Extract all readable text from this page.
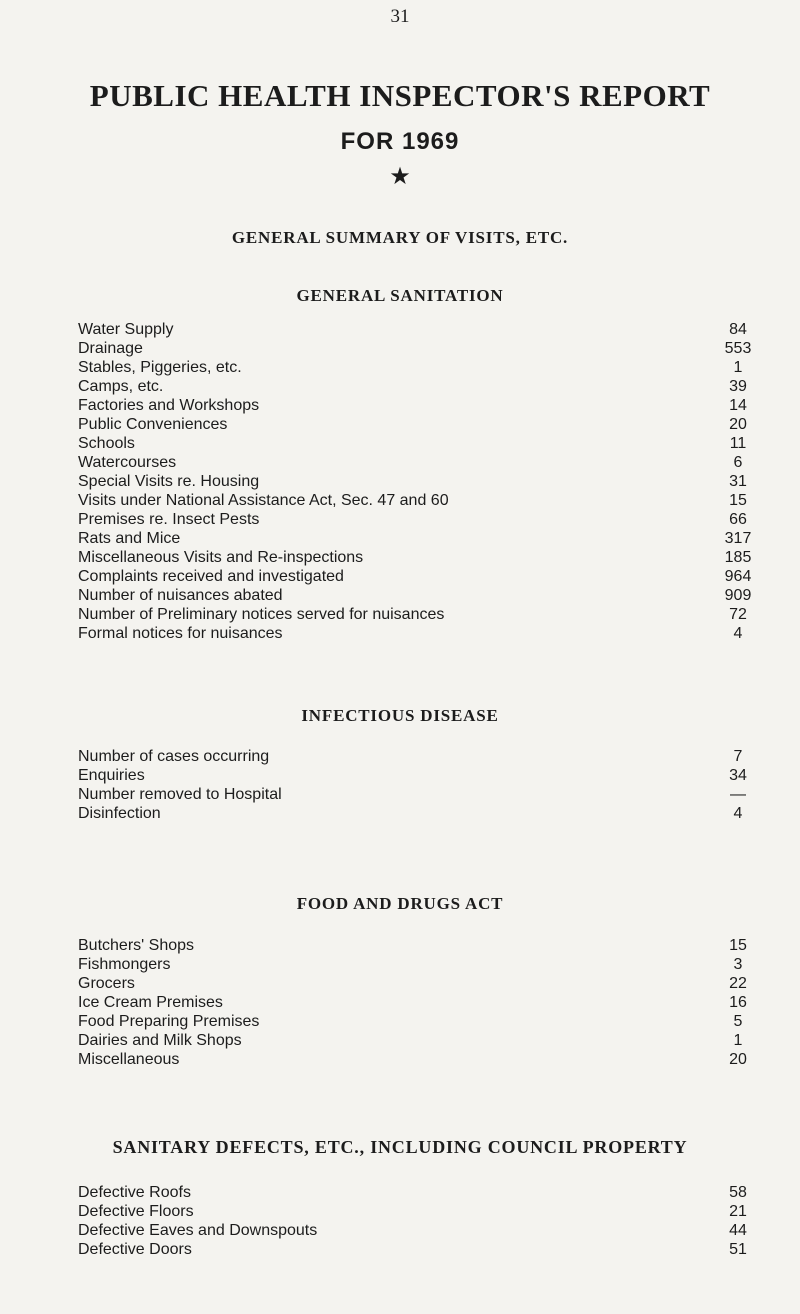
31
PUBLIC HEALTH INSPECTOR'S REPORT
FOR 1969
★
GENERAL SUMMARY OF VISITS, ETC.
GENERAL SANITATION
Water Supply	84
Drainage	553
Stables, Piggeries, etc.	1
Camps, etc.	39
Factories and Workshops	14
Public Conveniences	20
Schools	11
Watercourses	6
Special Visits re. Housing	31
Visits under National Assistance Act, Sec. 47 and 60	15
Premises re. Insect Pests	66
Rats and Mice	317
Miscellaneous Visits and Re-inspections	185
Complaints received and investigated	964
Number of nuisances abated	909
Number of Preliminary notices served for nuisances	72
Formal notices for nuisances	4
INFECTIOUS DISEASE
Number of cases occurring	7
Enquiries	34
Number removed to Hospital	—
Disinfection	4
FOOD AND DRUGS ACT
Butchers' Shops	15
Fishmongers	3
Grocers	22
Ice Cream Premises	16
Food Preparing Premises	5
Dairies and Milk Shops	1
Miscellaneous	20
SANITARY DEFECTS, ETC., INCLUDING COUNCIL PROPERTY
Defective Roofs	58
Defective Floors	21
Defective Eaves and Downspouts	44
Defective Doors	51
